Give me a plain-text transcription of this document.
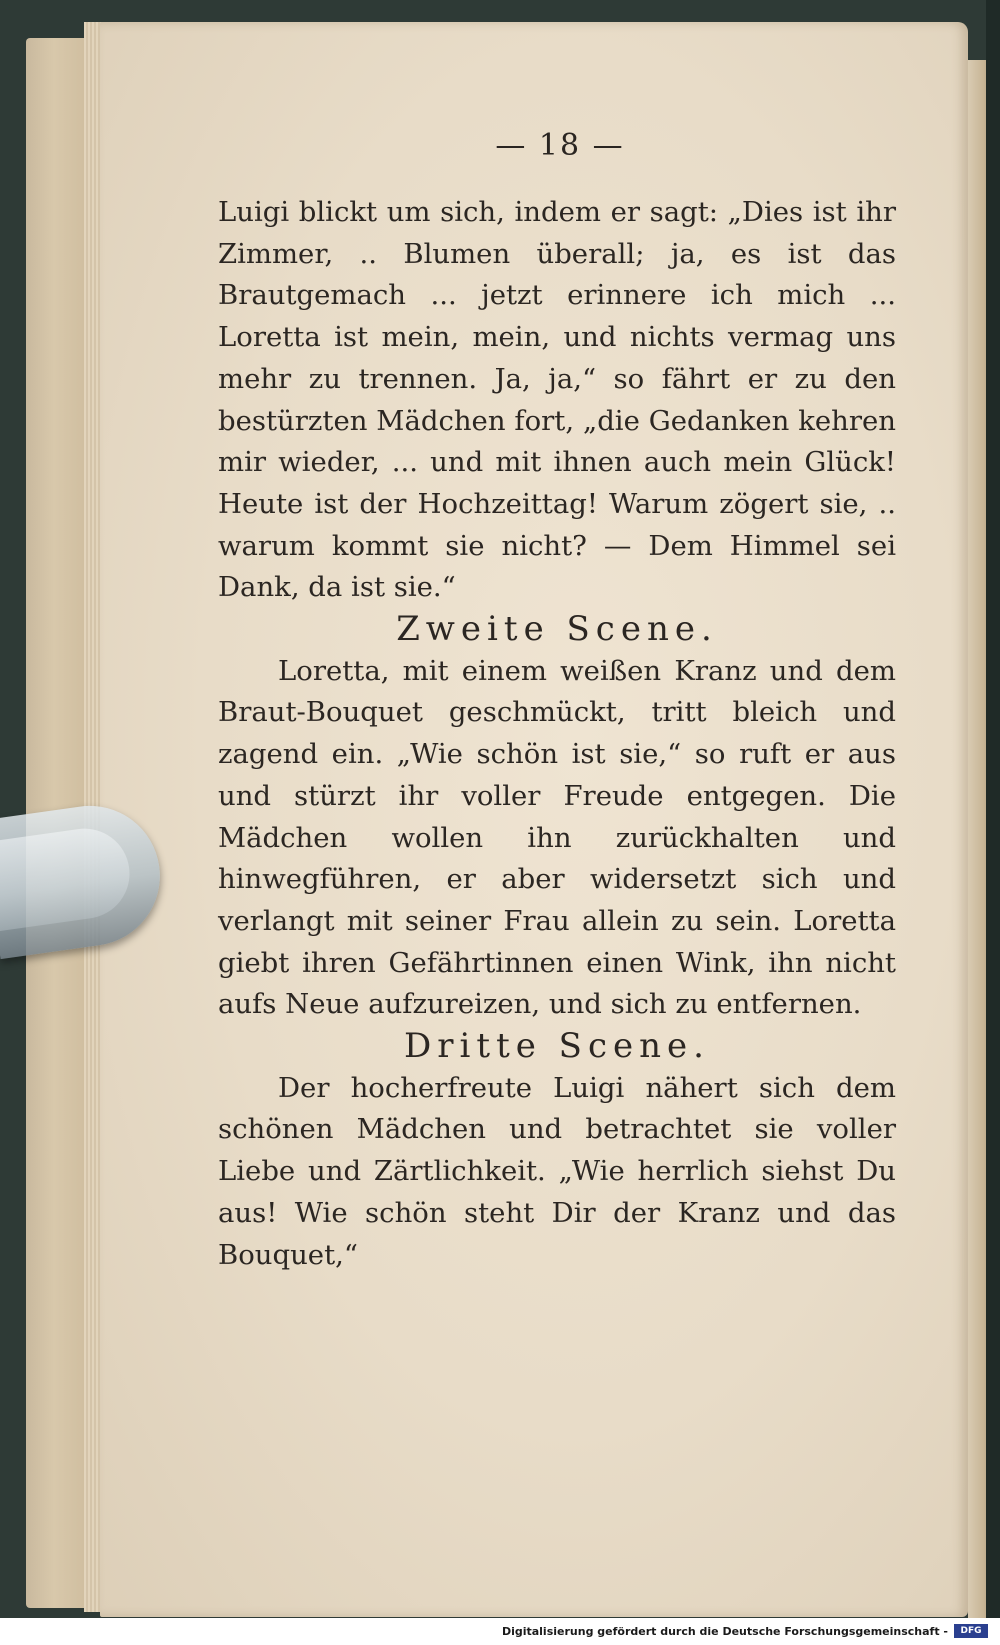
— 18 —

Luigi blickt um sich, indem er sagt: „Dies ist ihr Zimmer, .. Blumen überall; ja, es ist das Brautgemach ... jetzt erinnere ich mich ... Loretta ist mein, mein, und nichts vermag uns mehr zu trennen. Ja, ja,“ so fährt er zu den bestürzten Mädchen fort, „die Gedanken kehren mir wieder, ... und mit ihnen auch mein Glück! Heute ist der Hochzeittag! Warum zögert sie, .. warum kommt sie nicht? — Dem Himmel sei Dank, da ist sie.“

Zweite Scene.

Loretta, mit einem weißen Kranz und dem Braut-Bouquet geschmückt, tritt bleich und zagend ein. „Wie schön ist sie,“ so ruft er aus und stürzt ihr voller Freude entgegen. Die Mädchen wollen ihn zurückhalten und hinwegführen, er aber widersetzt sich und verlangt mit seiner Frau allein zu sein. Loretta giebt ihren Gefährtinnen einen Wink, ihn nicht aufs Neue aufzureizen, und sich zu entfernen.

Dritte Scene.

Der hocherfreute Luigi nähert sich dem schönen Mädchen und betrachtet sie voller Liebe und Zärtlichkeit. „Wie herrlich siehst Du aus! Wie schön steht Dir der Kranz und das Bouquet,“

Digitalisierung gefördert durch die Deutsche Forschungsgemeinschaft -	DFG
